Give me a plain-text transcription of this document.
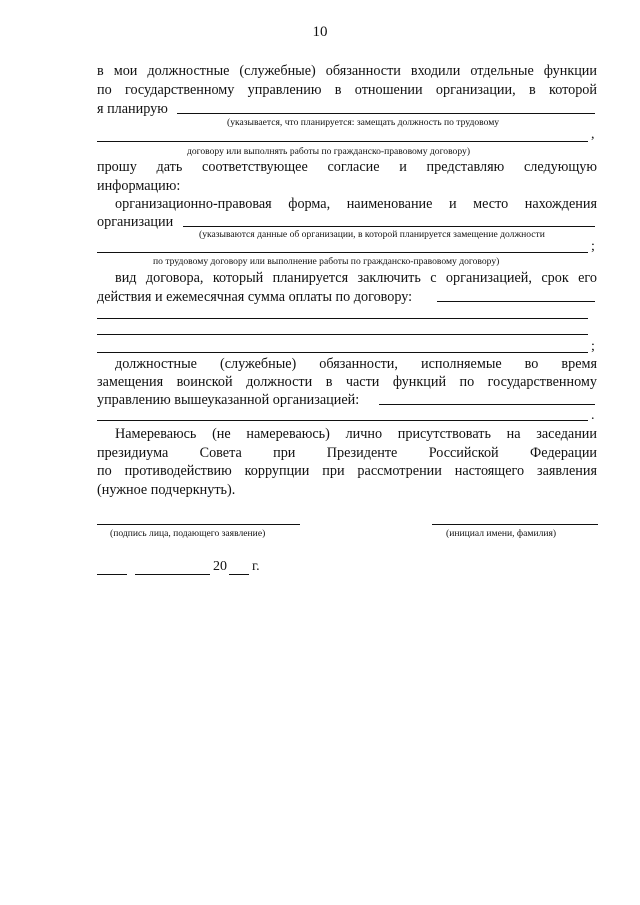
10
в мои должностные (служебные) обязанности входили отдельные функции
по государственному управлению в отношении организации, в которой
я планирую
(указывается, что планируется: замещать должность по трудовому
,
договору или выполнять работы по гражданско-правовому договору)
прошу дать соответствующее согласие и представляю следующую
информацию:
организационно-правовая форма, наименование и место нахождения
организации
(указываются данные об организации, в которой планируется замещение должности
;
по трудовому договору или выполнение работы по гражданско-правовому договору)
вид договора, который планируется заключить с организацией, срок его
действия и ежемесячная сумма оплаты по договору:
;
должностные (служебные) обязанности, исполняемые во время
замещения воинской должности в части функций по государственному
управлению вышеуказанной организацией:
.
Намереваюсь (не намереваюсь) лично присутствовать на заседании
президиума Совета при Президенте Российской Федерации
по противодействию коррупции при рассмотрении настоящего заявления
(нужное подчеркнуть).
(подпись лица, подающего заявление)	(инициал имени, фамилия)
20 г.
